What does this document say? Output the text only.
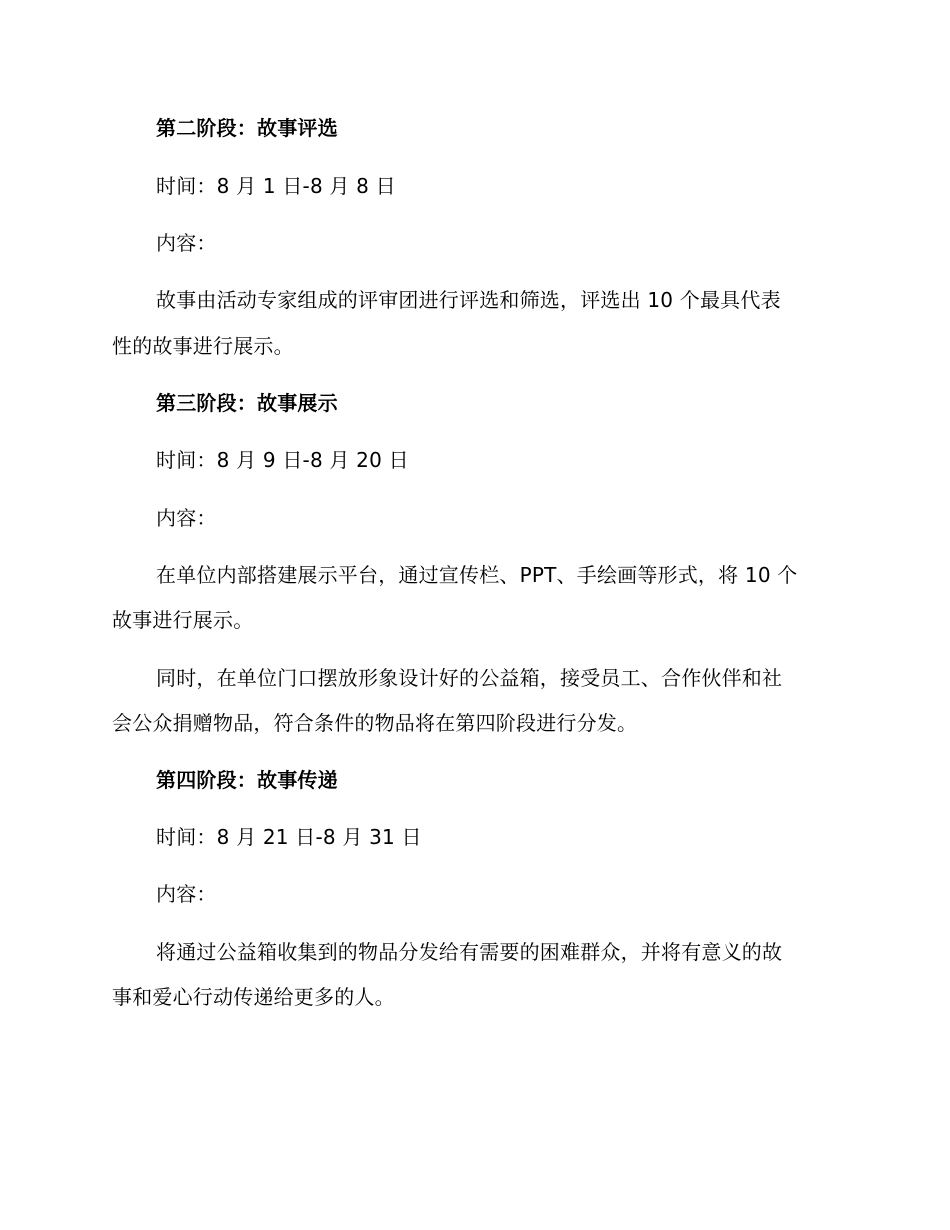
第二阶段：故事评选
时间：8 月 1 日-8 月 8 日
内容：
故事由活动专家组成的评审团进行评选和筛选，评选出 10 个最具代表
性的故事进行展示。
第三阶段：故事展示
时间：8 月 9 日-8 月 20 日
内容：
在单位内部搭建展示平台，通过宣传栏、PPT、手绘画等形式，将 10 个
故事进行展示。
同时，在单位门口摆放形象设计好的公益箱，接受员工、合作伙伴和社
会公众捐赠物品，符合条件的物品将在第四阶段进行分发。
第四阶段：故事传递
时间：8 月 21 日-8 月 31 日
内容：
将通过公益箱收集到的物品分发给有需要的困难群众，并将有意义的故
事和爱心行动传递给更多的人。
